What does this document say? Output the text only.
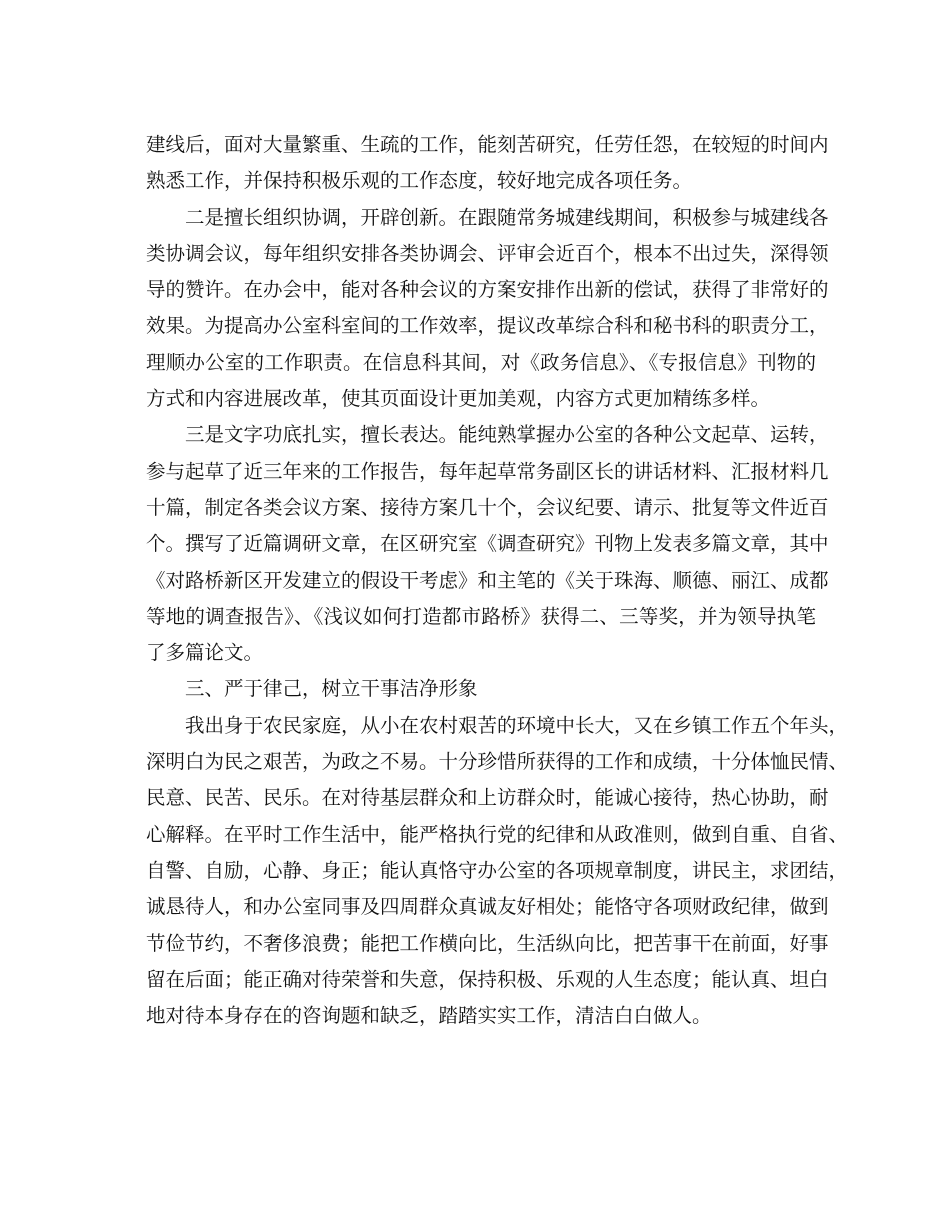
建线后，面对大量繁重、生疏的工作，能刻苦研究，任劳任怨，在较短的时间内
熟悉工作，并保持积极乐观的工作态度，较好地完成各项任务。
二是擅长组织协调，开辟创新。在跟随常务城建线期间，积极参与城建线各
类协调会议，每年组织安排各类协调会、评审会近百个，根本不出过失，深得领
导的赞许。在办会中，能对各种会议的方案安排作出新的偿试，获得了非常好的
效果。为提高办公室科室间的工作效率，提议改革综合科和秘书科的职责分工，
理顺办公室的工作职责。在信息科其间，对《政务信息》、《专报信息》刊物的
方式和内容进展改革，使其页面设计更加美观，内容方式更加精练多样。
三是文字功底扎实，擅长表达。能纯熟掌握办公室的各种公文起草、运转，
参与起草了近三年来的工作报告，每年起草常务副区长的讲话材料、汇报材料几
十篇，制定各类会议方案、接待方案几十个，会议纪要、请示、批复等文件近百
个。撰写了近篇调研文章，在区研究室《调查研究》刊物上发表多篇文章，其中
《对路桥新区开发建立的假设干考虑》和主笔的《关于珠海、顺德、丽江、成都
等地的调查报告》、《浅议如何打造都市路桥》获得二、三等奖，并为领导执笔
了多篇论文。
三、严于律己，树立干事洁净形象
我出身于农民家庭，从小在农村艰苦的环境中长大，又在乡镇工作五个年头，
深明白为民之艰苦，为政之不易。十分珍惜所获得的工作和成绩，十分体恤民情、
民意、民苦、民乐。在对待基层群众和上访群众时，能诚心接待，热心协助，耐
心解释。在平时工作生活中，能严格执行党的纪律和从政准则，做到自重、自省、
自警、自励，心静、身正；能认真恪守办公室的各项规章制度，讲民主，求团结，
诚恳待人，和办公室同事及四周群众真诚友好相处；能恪守各项财政纪律，做到
节俭节约，不奢侈浪费；能把工作横向比，生活纵向比，把苦事干在前面，好事
留在后面；能正确对待荣誉和失意，保持积极、乐观的人生态度；能认真、坦白
地对待本身存在的咨询题和缺乏，踏踏实实工作，清洁白白做人。
